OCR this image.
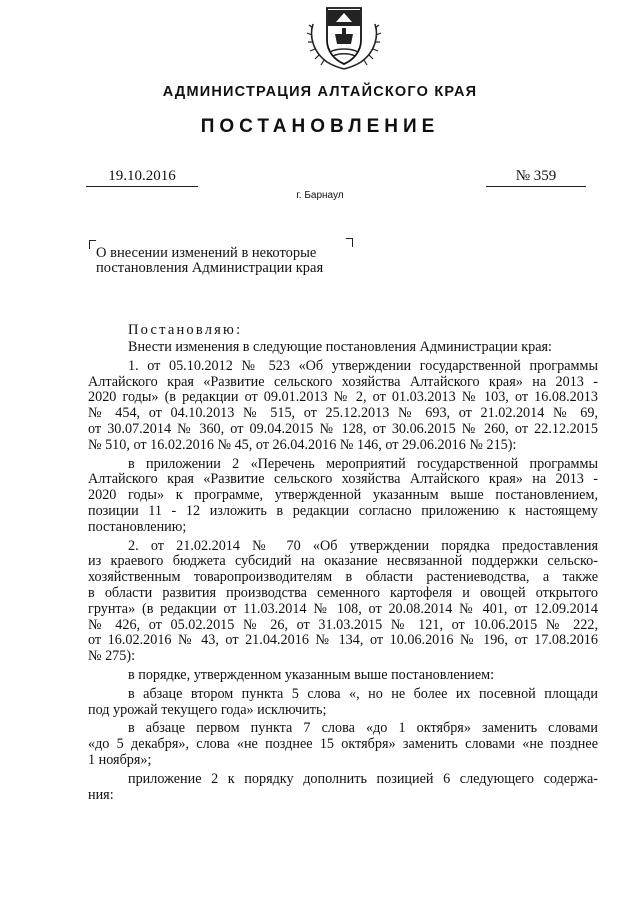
АДМИНИСТРАЦИЯ АЛТАЙСКОГО КРАЯ
ПОСТАНОВЛЕНИЕ
19.10.2016	№ 359
г. Барнаул
О внесении изменений в некоторые
постановления Администрации края
Постановляю:

Внести изменения в следующие постановления Администрации края:

1. от 05.10.2012 № 523 «Об утверждении государственной программы
Алтайского края «Развитие сельского хозяйства Алтайского края» на 2013 -
2020 годы» (в редакции от 09.01.2013 № 2, от 01.03.2013 № 103, от 16.08.2013
№ 454, от 04.10.2013 № 515, от 25.12.2013 № 693, от 21.02.2014 № 69,
от 30.07.2014 № 360, от 09.04.2015 № 128, от 30.06.2015 № 260, от 22.12.2015
№ 510, от 16.02.2016 № 45, от 26.04.2016 № 146, от 29.06.2016 № 215):

в приложении 2 «Перечень мероприятий государственной программы
Алтайского края «Развитие сельского хозяйства Алтайского края» на 2013 -
2020 годы» к программе, утвержденной указанным выше постановлением,
позиции 11 - 12 изложить в редакции согласно приложению к настоящему
постановлению;

2. от 21.02.2014 № 70 «Об утверждении порядка предоставления
из краевого бюджета субсидий на оказание несвязанной поддержки сельско-
хозяйственным товаропроизводителям в области растениеводства, а также
в области развития производства семенного картофеля и овощей открытого
грунта» (в редакции от 11.03.2014 № 108, от 20.08.2014 № 401, от 12.09.2014
№ 426, от 05.02.2015 № 26, от 31.03.2015 № 121, от 10.06.2015 № 222,
от 16.02.2016 № 43, от 21.04.2016 № 134, от 10.06.2016 № 196, от 17.08.2016
№ 275):

в порядке, утвержденном указанным выше постановлением:

в абзаце втором пункта 5 слова «, но не более их посевной площади
под урожай текущего года» исключить;

в абзаце первом пункта 7 слова «до 1 октября» заменить словами
«до 5 декабря», слова «не позднее 15 октября» заменить словами «не позднее
1 ноября»;

приложение 2 к порядку дополнить позицией 6 следующего содержа-
ния:
